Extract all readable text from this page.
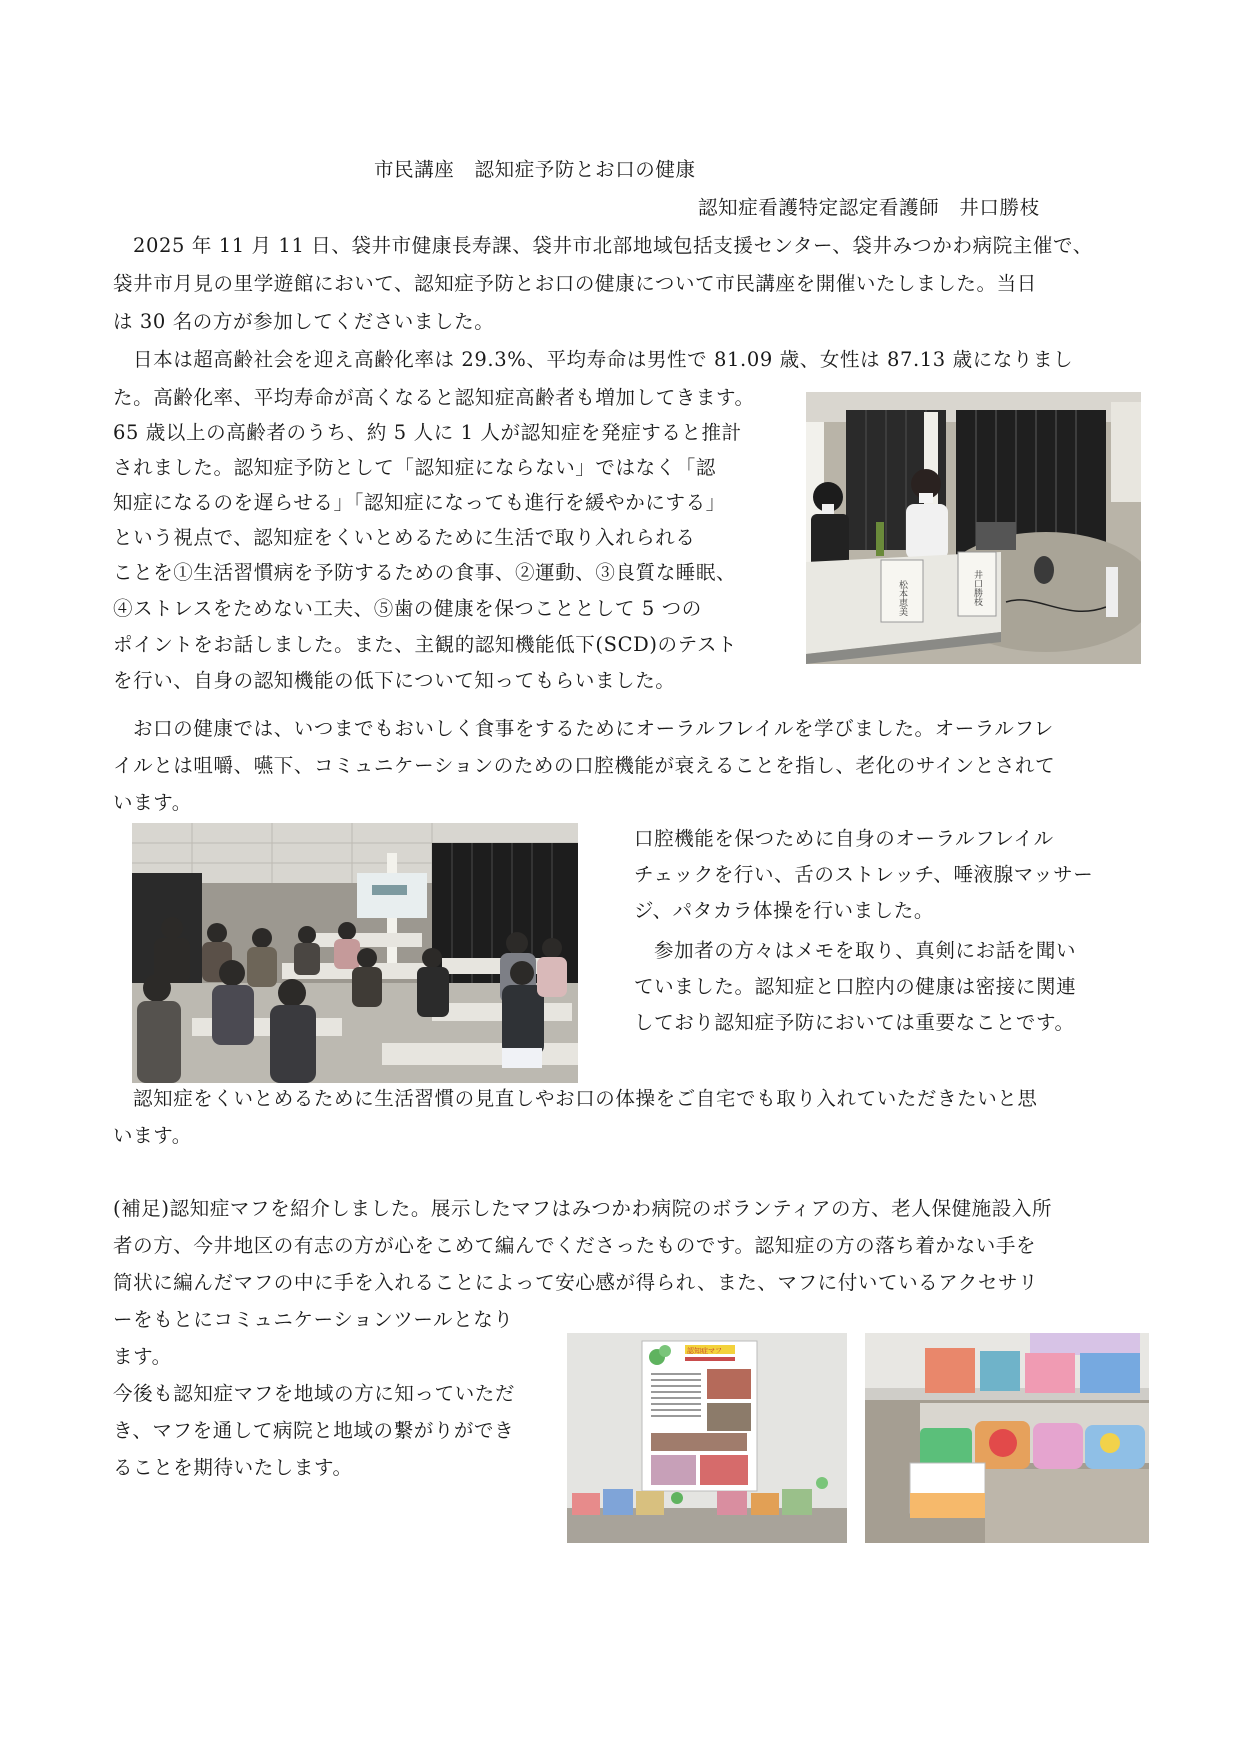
市民講座　認知症予防とお口の健康
認知症看護特定認定看護師　井口勝枝
2025 年 11 月 11 日、袋井市健康長寿課、袋井市北部地域包括支援センター、袋井みつかわ病院主催で、
袋井市月見の里学遊館において、認知症予防とお口の健康について市民講座を開催いたしました。当日
は 30 名の方が参加してくださいました。
日本は超高齢社会を迎え高齢化率は 29.3%、平均寿命は男性で 81.09 歳、女性は 87.13 歳になりまし
た。高齢化率、平均寿命が高くなると認知症高齢者も増加してきます。
65 歳以上の高齢者のうち、約 5 人に 1 人が認知症を発症すると推計
されました。認知症予防として「認知症にならない」ではなく「認
知症になるのを遅らせる」「認知症になっても進行を緩やかにする」
という視点で、認知症をくいとめるために生活で取り入れられる
ことを①生活習慣病を予防するための食事、②運動、③良質な睡眠、
④ストレスをためない工夫、⑤歯の健康を保つこととして 5 つの
ポイントをお話しました。また、主観的認知機能低下(SCD)のテスト
を行い、自身の認知機能の低下について知ってもらいました。
松本恵美	井口勝枝
お口の健康では、いつまでもおいしく食事をするためにオーラルフレイルを学びました。オーラルフレ
イルとは咀嚼、嚥下、コミュニケーションのための口腔機能が衰えることを指し、老化のサインとされて
います。
口腔機能を保つために自身のオーラルフレイル
チェックを行い、舌のストレッチ、唾液腺マッサー
ジ、パタカラ体操を行いました。
参加者の方々はメモを取り、真剣にお話を聞い
ていました。認知症と口腔内の健康は密接に関連
しており認知症予防においては重要なことです。
認知症をくいとめるために生活習慣の見直しやお口の体操をご自宅でも取り入れていただきたいと思
います。
(補足)認知症マフを紹介しました。展示したマフはみつかわ病院のボランティアの方、老人保健施設入所
者の方、今井地区の有志の方が心をこめて編んでくださったものです。認知症の方の落ち着かない手を
筒状に編んだマフの中に手を入れることによって安心感が得られ、また、マフに付いているアクセサリ
ーをもとにコミュニケーションツールとなり
ます。
今後も認知症マフを地域の方に知っていただ
き、マフを通して病院と地域の繋がりができ
ることを期待いたします。
認知症マフ
